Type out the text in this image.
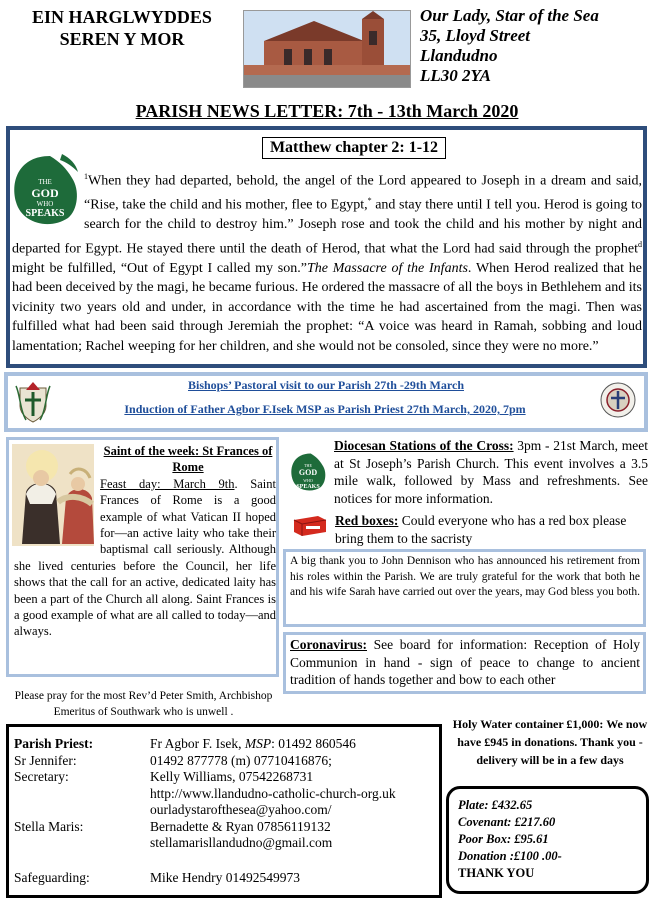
EIN HARGLWYDDES
SEREN Y MOR
Our Lady, Star of the Sea
35, Lloyd Street
Llandudno
LL30 2YA
PARISH NEWS LETTER: 7th - 13th March 2020
Matthew chapter 2: 1-12
THE
GOD
WHO
SPEAKS
$^1$When they had departed, behold, the angel of the Lord appeared to Joseph in a dream and said, “Rise, take the child and his mother, flee to Egypt,* and stay there until I tell you. Herod is going to search for the child to destroy him.” Joseph rose and took the child and his mother by night and departed for Egypt. He stayed there until the death of Herod, that what the Lord had said through the prophet$^d$ might be fulfilled, “Out of Egypt I called my son.”The Massacre of the Infants. When Herod realized that he had been deceived by the magi, he became furious. He ordered the massacre of all the boys in Bethlehem and its vicinity two years old and under, in accordance with the time he had ascertained from the magi. Then was fulfilled what had been said through Jeremiah the prophet: “A voice was heard in Ramah, sobbing and loud lamentation; Rachel weeping for her children, and she would not be consoled, since they were no more.”
Bishops’ Pastoral visit to our Parish 27th -29th March
Induction of Father Agbor F.Isek MSP as Parish Priest 27th March, 2020, 7pm
Saint of the week: St Frances of Rome
Feast day: March 9th. Saint Frances of Rome is a good example of what Vatican II hoped for—an active laity who take their baptismal call seriously. Although she lived centuries before the Council, her life shows that the call for an active, dedicated laity has been a part of the Church all along. Saint Frances is a good example of what are all called to today—and always.
Please pray for the most Rev’d Peter Smith, Archbishop Emeritus of Southwark who is unwell .
THE
GOD
WHO
SPEAKS
Diocesan Stations of the Cross: 3pm - 21st March, meet at St Joseph’s Parish Church. This event involves a 3.5 mile walk, followed by Mass and refreshments. See notices for more information.
Red boxes: Could everyone who has a red box please bring them to the sacristy
A big thank you to John Dennison who has announced his retirement from his roles within the Parish. We are truly grateful for the work that both he and his wife Sarah have carried out over the years, may God bless you both.
Coronavirus: See board for information: Reception of Holy Communion in hand - sign of peace to change to ancient tradition of hands together and bow to each other
Holy Water container £1,000: We now have £945 in donations. Thank you - delivery will be in a few days
Parish Priest:	Fr Agbor F. Isek, MSP: 01492 860546
Sr Jennifer:	01492 877778 (m) 07710416876;
Secretary:	Kelly Williams, 07542268731
http://www.llandudno-catholic-church-org.uk
ourladystaroftheseа@yahoo.com/
Stella Maris:	Bernadette & Ryan 07856119132
stellamarisllandudno@gmail.com
Safeguarding:	Mike Hendry 01492549973
Plate: £432.65
Covenant: £217.60
Poor Box: £95.61
Donation :£100 .00-
THANK YOU
